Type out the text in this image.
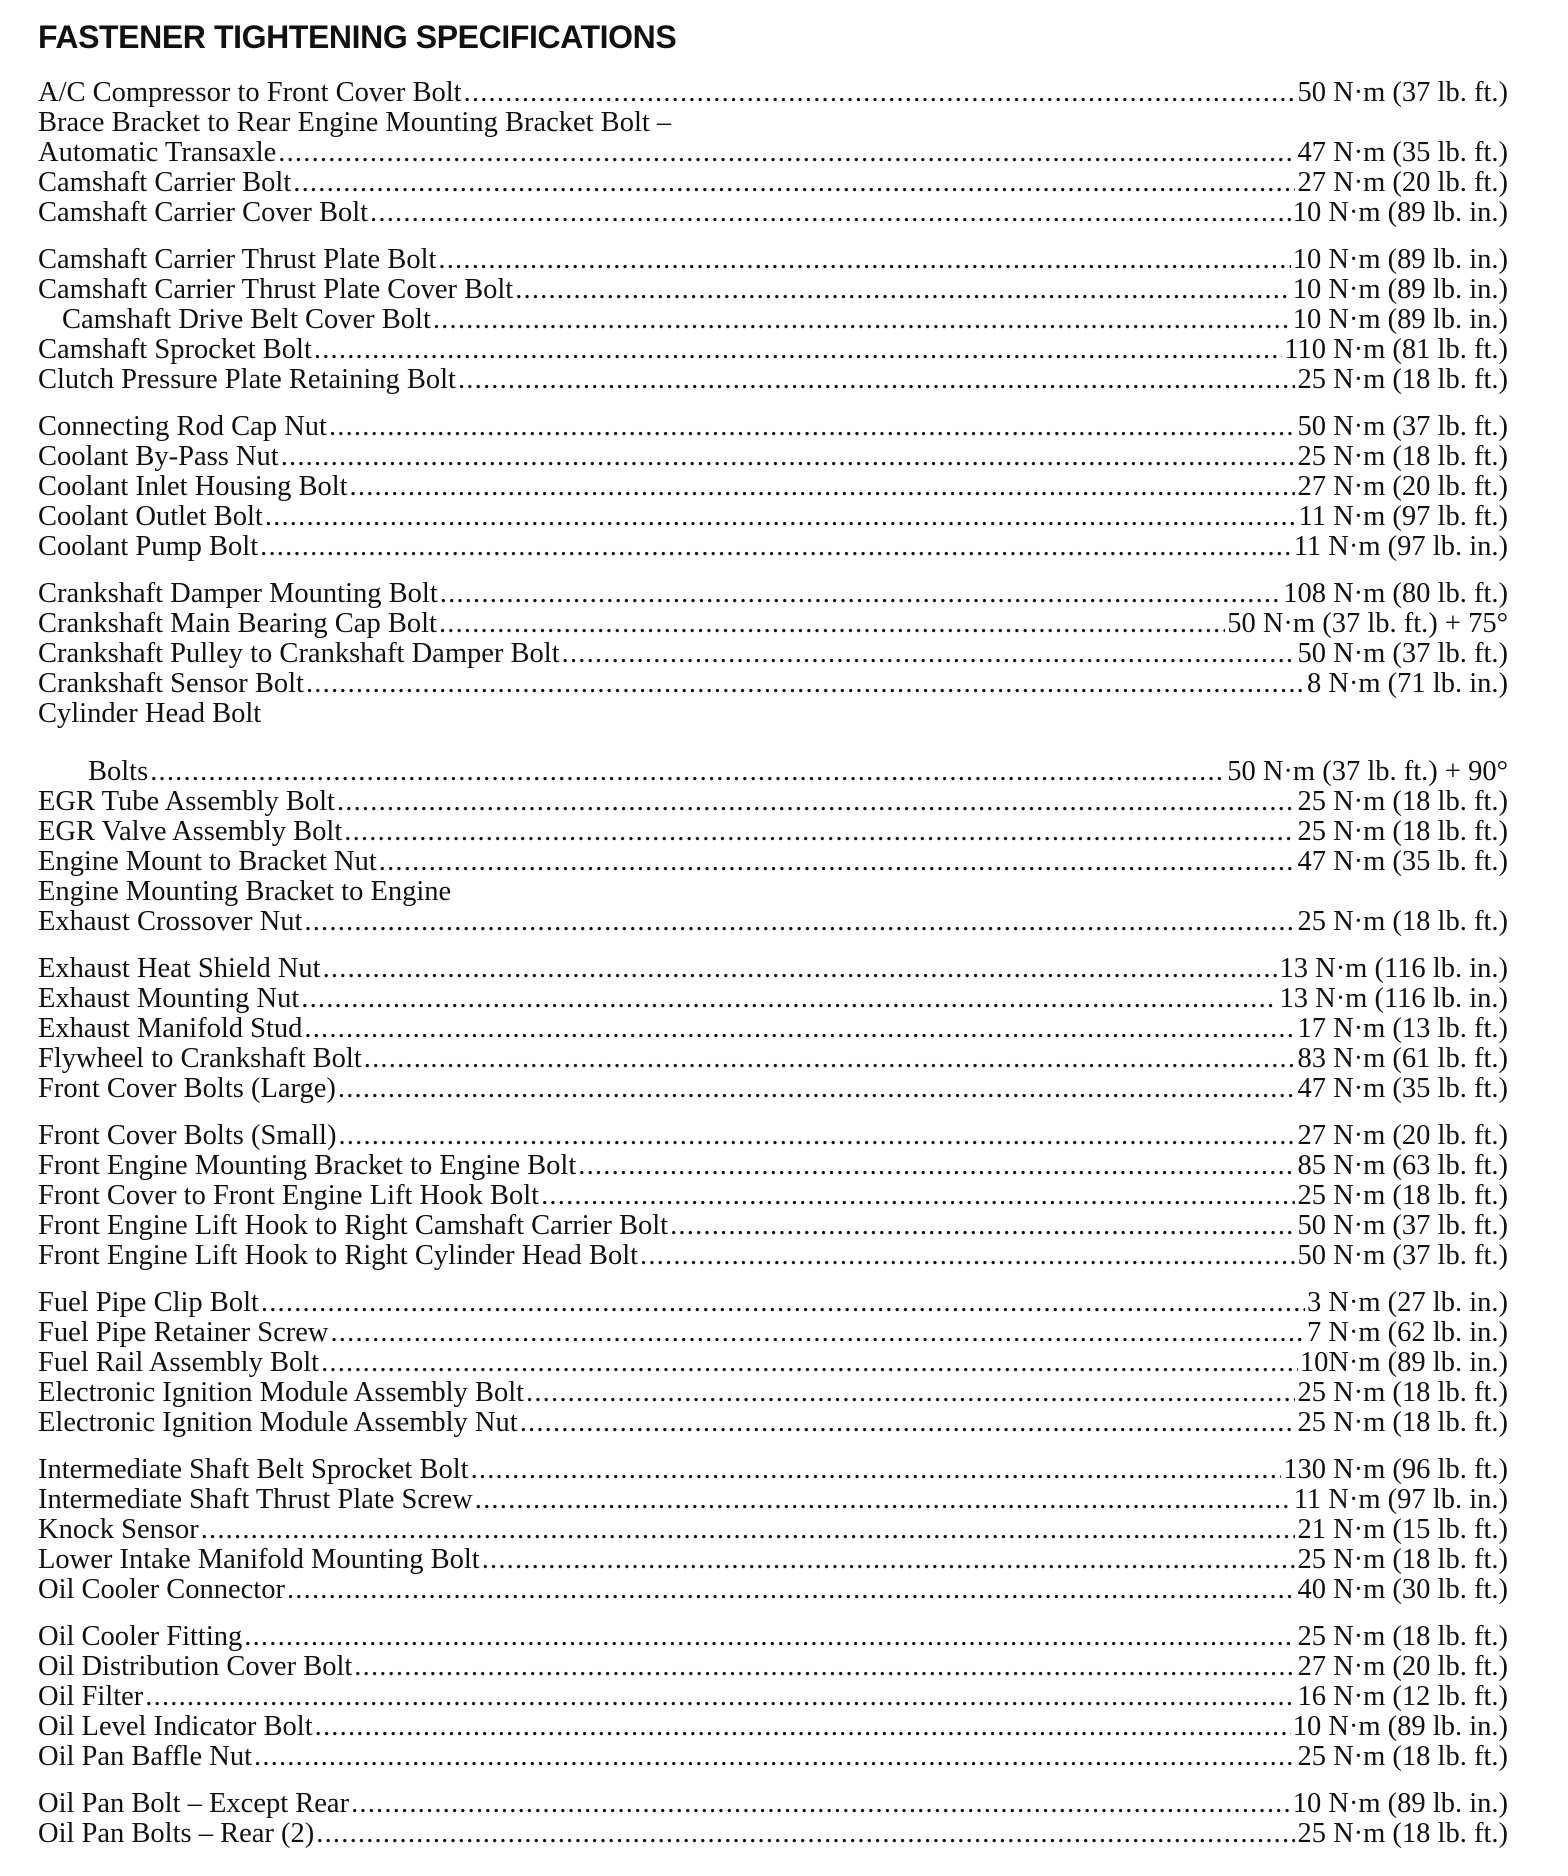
FASTENER TIGHTENING SPECIFICATIONS
A/C Compressor to Front Cover Bolt .....	50 N·m (37 lb. ft.)
Brace Bracket to Rear Engine Mounting Bracket Bolt –
Automatic Transaxle .....	47 N·m (35 lb. ft.)
Camshaft Carrier Bolt .....	27 N·m (20 lb. ft.)
Camshaft Carrier Cover Bolt .....	10 N·m (89 lb. in.)
Camshaft Carrier Thrust Plate Bolt .....	10 N·m (89 lb. in.)
Camshaft Carrier Thrust Plate Cover Bolt .....	10 N·m (89 lb. in.)
Camshaft Drive Belt Cover Bolt .....	10 N·m (89 lb. in.)
Camshaft Sprocket Bolt .....	110 N·m (81 lb. ft.)
Clutch Pressure Plate Retaining Bolt .....	25 N·m (18 lb. ft.)
Connecting Rod Cap Nut .....	50 N·m (37 lb. ft.)
Coolant By-Pass Nut .....	25 N·m (18 lb. ft.)
Coolant Inlet Housing Bolt .....	27 N·m (20 lb. ft.)
Coolant Outlet Bolt .....	11 N·m (97 lb. ft.)
Coolant Pump Bolt .....	11 N·m (97 lb. in.)
Crankshaft Damper Mounting Bolt .....	108 N·m (80 lb. ft.)
Crankshaft Main Bearing Cap Bolt .....	50 N·m (37 lb. ft.) + 75°
Crankshaft Pulley to Crankshaft Damper Bolt .....	50 N·m (37 lb. ft.)
Crankshaft Sensor Bolt .....	8 N·m (71 lb. in.)
Cylinder Head Bolt
Bolts .....	50 N·m (37 lb. ft.) + 90°
EGR Tube Assembly Bolt .....	25 N·m (18 lb. ft.)
EGR Valve Assembly Bolt .....	25 N·m (18 lb. ft.)
Engine Mount to Bracket Nut .....	47 N·m (35 lb. ft.)
Engine Mounting Bracket to Engine
Exhaust Crossover Nut .....	25 N·m (18 lb. ft.)
Exhaust Heat Shield Nut .....	13 N·m (116 lb. in.)
Exhaust Mounting Nut .....	13 N·m (116 lb. in.)
Exhaust Manifold Stud .....	17 N·m (13 lb. ft.)
Flywheel to Crankshaft Bolt .....	83 N·m (61 lb. ft.)
Front Cover Bolts (Large) .....	47 N·m (35 lb. ft.)
Front Cover Bolts (Small) .....	27 N·m (20 lb. ft.)
Front Engine Mounting Bracket to Engine Bolt .....	85 N·m (63 lb. ft.)
Front Cover to Front Engine Lift Hook Bolt .....	25 N·m (18 lb. ft.)
Front Engine Lift Hook to Right Camshaft Carrier Bolt .....	50 N·m (37 lb. ft.)
Front Engine Lift Hook to Right Cylinder Head Bolt .....	50 N·m (37 lb. ft.)
Fuel Pipe Clip Bolt .....	3 N·m (27 lb. in.)
Fuel Pipe Retainer Screw .....	7 N·m (62 lb. in.)
Fuel Rail Assembly Bolt .....	10N·m (89 lb. in.)
Electronic Ignition Module Assembly Bolt .....	25 N·m (18 lb. ft.)
Electronic Ignition Module Assembly Nut .....	25 N·m (18 lb. ft.)
Intermediate Shaft Belt Sprocket Bolt .....	130 N·m (96 lb. ft.)
Intermediate Shaft Thrust Plate Screw .....	11 N·m (97 lb. in.)
Knock Sensor .....	21 N·m (15 lb. ft.)
Lower Intake Manifold Mounting Bolt .....	25 N·m (18 lb. ft.)
Oil Cooler Connector .....	40 N·m (30 lb. ft.)
Oil Cooler Fitting .....	25 N·m (18 lb. ft.)
Oil Distribution Cover Bolt .....	27 N·m (20 lb. ft.)
Oil Filter .....	16 N·m (12 lb. ft.)
Oil Level Indicator Bolt .....	10 N·m (89 lb. in.)
Oil Pan Baffle Nut .....	25 N·m (18 lb. ft.)
Oil Pan Bolt – Except Rear .....	10 N·m (89 lb. in.)
Oil Pan Bolts – Rear (2) .....	25 N·m (18 lb. ft.)
